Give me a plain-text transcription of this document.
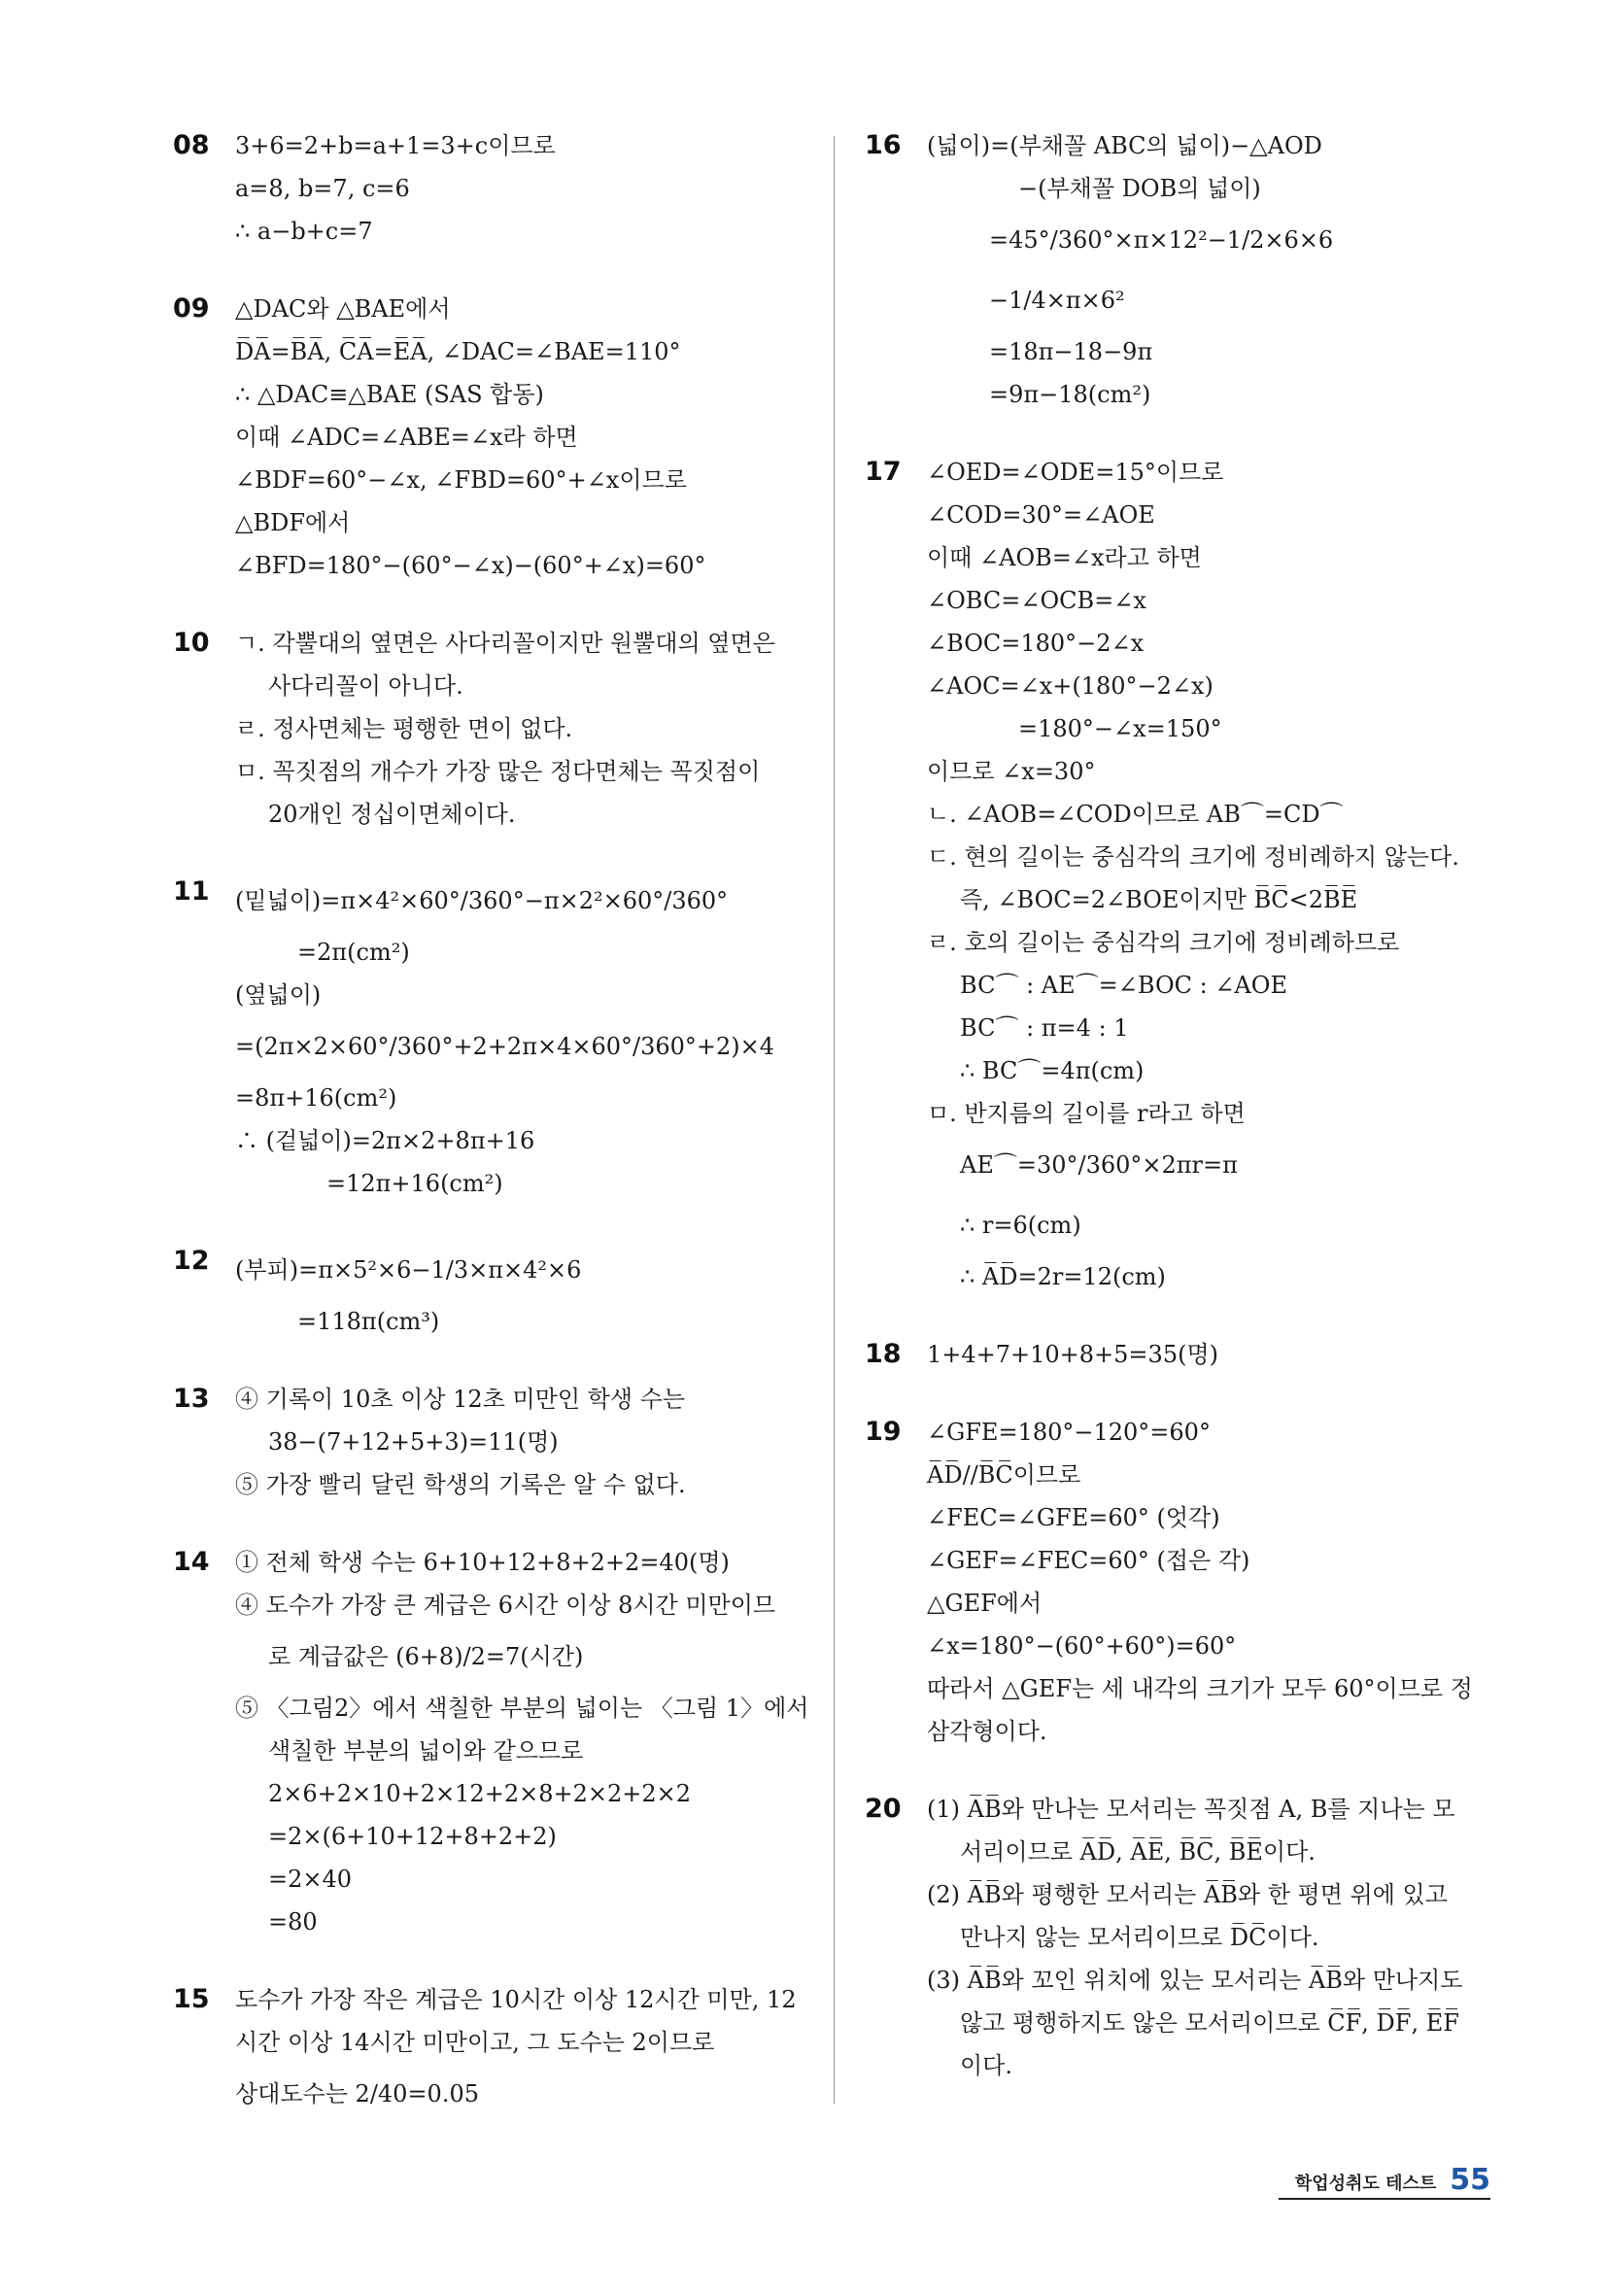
08 3+6=2+b=a+1=3+c이므로
a=8, b=7, c=6
∴ a−b+c=7
09 △DAC와 △BAE에서
D̅A̅=B̅A̅, C̅A̅=E̅A̅, ∠DAC=∠BAE=110°
∴ △DAC≡△BAE (SAS 합동)
이때 ∠ADC=∠ABE=∠x라 하면
∠BDF=60°−∠x, ∠FBD=60°+∠x이므로
△BDF에서
∠BFD=180°−(60°−∠x)−(60°+∠x)=60°
10 ㄱ. 각뿔대의 옆면은 사다리꼴이지만 원뿔대의 옆면은
사다리꼴이 아니다.
ㄹ. 정사면체는 평행한 면이 없다.
ㅁ. 꼭짓점의 개수가 가장 많은 정다면체는 꼭짓점이
20개인 정십이면체이다.
11 (밑넓이)=π×4²×60°/360°−π×2²×60°/360°
=2π(cm²)
(옆넓이)
=(2π×2×60°/360°+2+2π×4×60°/360°+2)×4
=8π+16(cm²)
∴ (겉넓이)=2π×2+8π+16
=12π+16(cm²)
12 (부피)=π×5²×6−1/3×π×4²×6
=118π(cm³)
13 ④ 기록이 10초 이상 12초 미만인 학생 수는
38−(7+12+5+3)=11(명)
⑤ 가장 빨리 달린 학생의 기록은 알 수 없다.
14 ① 전체 학생 수는 6+10+12+8+2+2=40(명)
④ 도수가 가장 큰 계급은 6시간 이상 8시간 미만이므
로 계급값은 (6+8)/2=7(시간)
⑤ 〈그림2〉에서 색칠한 부분의 넓이는 〈그림 1〉에서
색칠한 부분의 넓이와 같으므로
2×6+2×10+2×12+2×8+2×2+2×2
=2×(6+10+12+8+2+2)
=2×40
=80
15 도수가 가장 작은 계급은 10시간 이상 12시간 미만, 12
시간 이상 14시간 미만이고, 그 도수는 2이므로
상대도수는 2/40=0.05
16 (넓이)=(부채꼴 ABC의 넓이)−△AOD
−(부채꼴 DOB의 넓이)
=45°/360°×π×12²−1/2×6×6
−1/4×π×6²
=18π−18−9π
=9π−18(cm²)
17 ∠OED=∠ODE=15°이므로
∠COD=30°=∠AOE
이때 ∠AOB=∠x라고 하면
∠OBC=∠OCB=∠x
∠BOC=180°−2∠x
∠AOC=∠x+(180°−2∠x)
=180°−∠x=150°
이므로 ∠x=30°
ㄴ. ∠AOB=∠COD이므로 AB⌒=CD⌒
ㄷ. 현의 길이는 중심각의 크기에 정비례하지 않는다.
즉, ∠BOC=2∠BOE이지만 B̅C̅<2B̅E̅
ㄹ. 호의 길이는 중심각의 크기에 정비례하므로
BC⌒ : AE⌒=∠BOC : ∠AOE
BC⌒ : π=4 : 1
∴ BC⌒=4π(cm)
ㅁ. 반지름의 길이를 r라고 하면
AE⌒=30°/360°×2πr=π
∴ r=6(cm)
∴ A̅D̅=2r=12(cm)
18 1+4+7+10+8+5=35(명)
19 ∠GFE=180°−120°=60°
A̅D̅//B̅C̅이므로
∠FEC=∠GFE=60° (엇각)
∠GEF=∠FEC=60° (접은 각)
△GEF에서
∠x=180°−(60°+60°)=60°
따라서 △GEF는 세 내각의 크기가 모두 60°이므로 정
삼각형이다.
20 (1) A̅B̅와 만나는 모서리는 꼭짓점 A, B를 지나는 모
서리이므로 A̅D̅, A̅E̅, B̅C̅, B̅E̅이다.
(2) A̅B̅와 평행한 모서리는 A̅B̅와 한 평면 위에 있고
만나지 않는 모서리이므로 D̅C̅이다.
(3) A̅B̅와 꼬인 위치에 있는 모서리는 A̅B̅와 만나지도
않고 평행하지도 않은 모서리이므로 C̅F̅, D̅F̅, E̅F̅
이다.
학업성취도 테스트 55
